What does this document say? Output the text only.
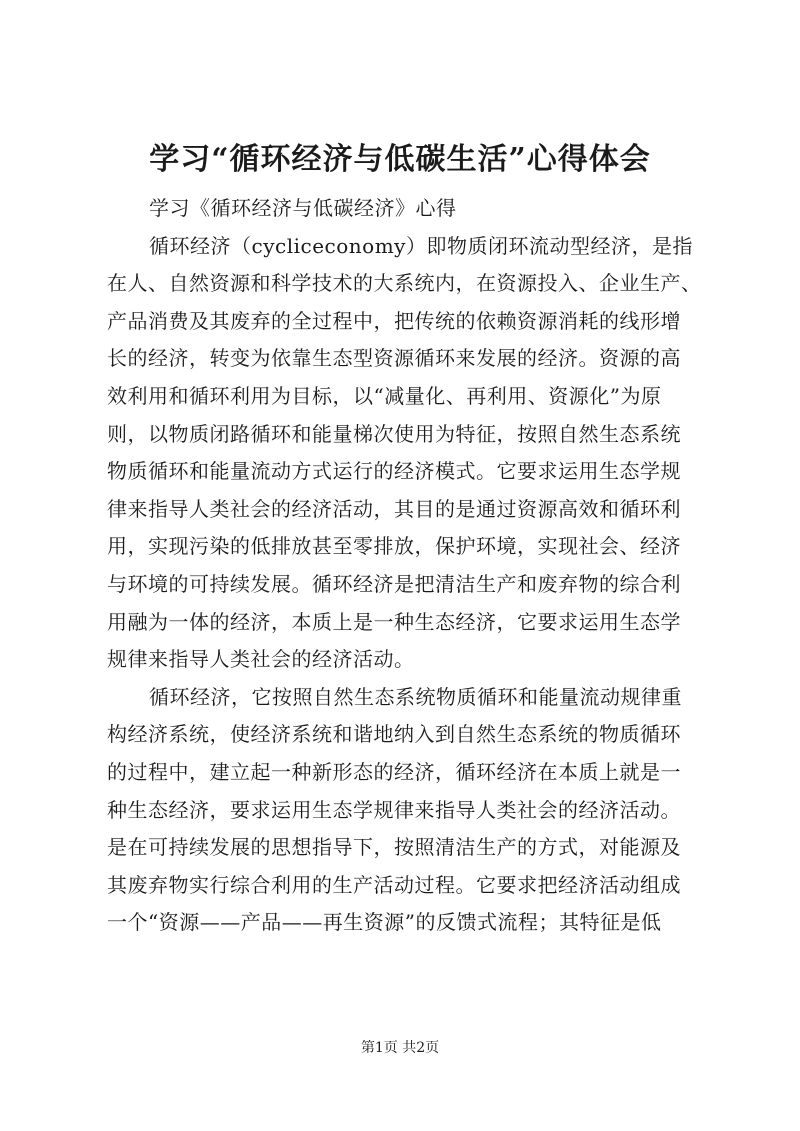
学习“循环经济与低碳生活”心得体会
学习《循环经济与低碳经济》心得
循环经济（cycliceconomy）即物质闭环流动型经济，是指
在人、自然资源和科学技术的大系统内，在资源投入、企业生产、
产品消费及其废弃的全过程中，把传统的依赖资源消耗的线形增
长的经济，转变为依靠生态型资源循环来发展的经济。资源的高
效利用和循环利用为目标，以“减量化、再利用、资源化”为原
则，以物质闭路循环和能量梯次使用为特征，按照自然生态系统
物质循环和能量流动方式运行的经济模式。它要求运用生态学规
律来指导人类社会的经济活动，其目的是通过资源高效和循环利
用，实现污染的低排放甚至零排放，保护环境，实现社会、经济
与环境的可持续发展。循环经济是把清洁生产和废弃物的综合利
用融为一体的经济，本质上是一种生态经济，它要求运用生态学
规律来指导人类社会的经济活动。
循环经济，它按照自然生态系统物质循环和能量流动规律重
构经济系统，使经济系统和谐地纳入到自然生态系统的物质循环
的过程中，建立起一种新形态的经济，循环经济在本质上就是一
种生态经济，要求运用生态学规律来指导人类社会的经济活动。
是在可持续发展的思想指导下，按照清洁生产的方式，对能源及
其废弃物实行综合利用的生产活动过程。它要求把经济活动组成
一个“资源——产品——再生资源”的反馈式流程；其特征是低
第1页 共2页
